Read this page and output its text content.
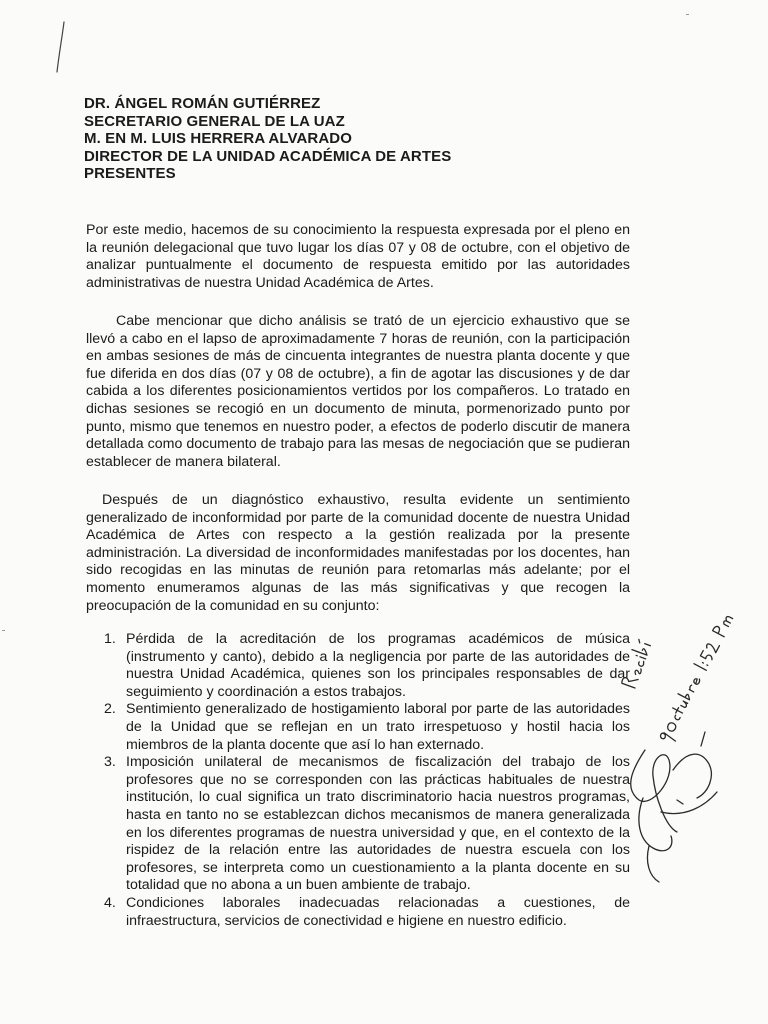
DR. ÁNGEL ROMÁN GUTIÉRREZ
SECRETARIO GENERAL DE LA UAZ
M. EN M. LUIS HERRERA ALVARADO
DIRECTOR DE LA UNIDAD ACADÉMICA DE ARTES
PRESENTES

Por este medio, hacemos de su conocimiento la respuesta expresada por el pleno en la reunión delegacional que tuvo lugar los días 07 y 08 de octubre, con el objetivo de analizar puntualmente el documento de respuesta emitido por las autoridades administrativas de nuestra Unidad Académica de Artes.

Cabe mencionar que dicho análisis se trató de un ejercicio exhaustivo que se llevó a cabo en el lapso de aproximadamente 7 horas de reunión, con la participación en ambas sesiones de más de cincuenta integrantes de nuestra planta docente y que fue diferida en dos días (07 y 08 de octubre), a fin de agotar las discusiones y de dar cabida a los diferentes posicionamientos vertidos por los compañeros. Lo tratado en dichas sesiones se recogió en un documento de minuta, pormenorizado punto por punto, mismo que tenemos en nuestro poder, a efectos de poderlo discutir de manera detallada como documento de trabajo para las mesas de negociación que se pudieran establecer de manera bilateral.

Después de un diagnóstico exhaustivo, resulta evidente un sentimiento generalizado de inconformidad por parte de la comunidad docente de nuestra Unidad Académica de Artes con respecto a la gestión realizada por la presente administración. La diversidad de inconformidades manifestadas por los docentes, han sido recogidas en las minutas de reunión para retomarlas más adelante; por el momento enumeramos algunas de las más significativas y que recogen la preocupación de la comunidad en su conjunto:

1. Pérdida de la acreditación de los programas académicos de música (instrumento y canto), debido a la negligencia por parte de las autoridades de nuestra Unidad Académica, quienes son los principales responsables de dar seguimiento y coordinación a estos trabajos.
2. Sentimiento generalizado de hostigamiento laboral por parte de las autoridades de la Unidad que se reflejan en un trato irrespetuoso y hostil hacia los miembros de la planta docente que así lo han externado.
3. Imposición unilateral de mecanismos de fiscalización del trabajo de los profesores que no se corresponden con las prácticas habituales de nuestra institución, lo cual significa un trato discriminatorio hacia nuestros programas, hasta en tanto no se establezcan dichos mecanismos de manera generalizada en los diferentes programas de nuestra universidad y que, en el contexto de la rispidez de la relación entre las autoridades de nuestra escuela con los profesores, se interpreta como un cuestionamiento a la planta docente en su totalidad que no abona a un buen ambiente de trabajo.
4. Condiciones laborales inadecuadas relacionadas a cuestiones, de infraestructura, servicios de conectividad e higiene en nuestro edificio.
